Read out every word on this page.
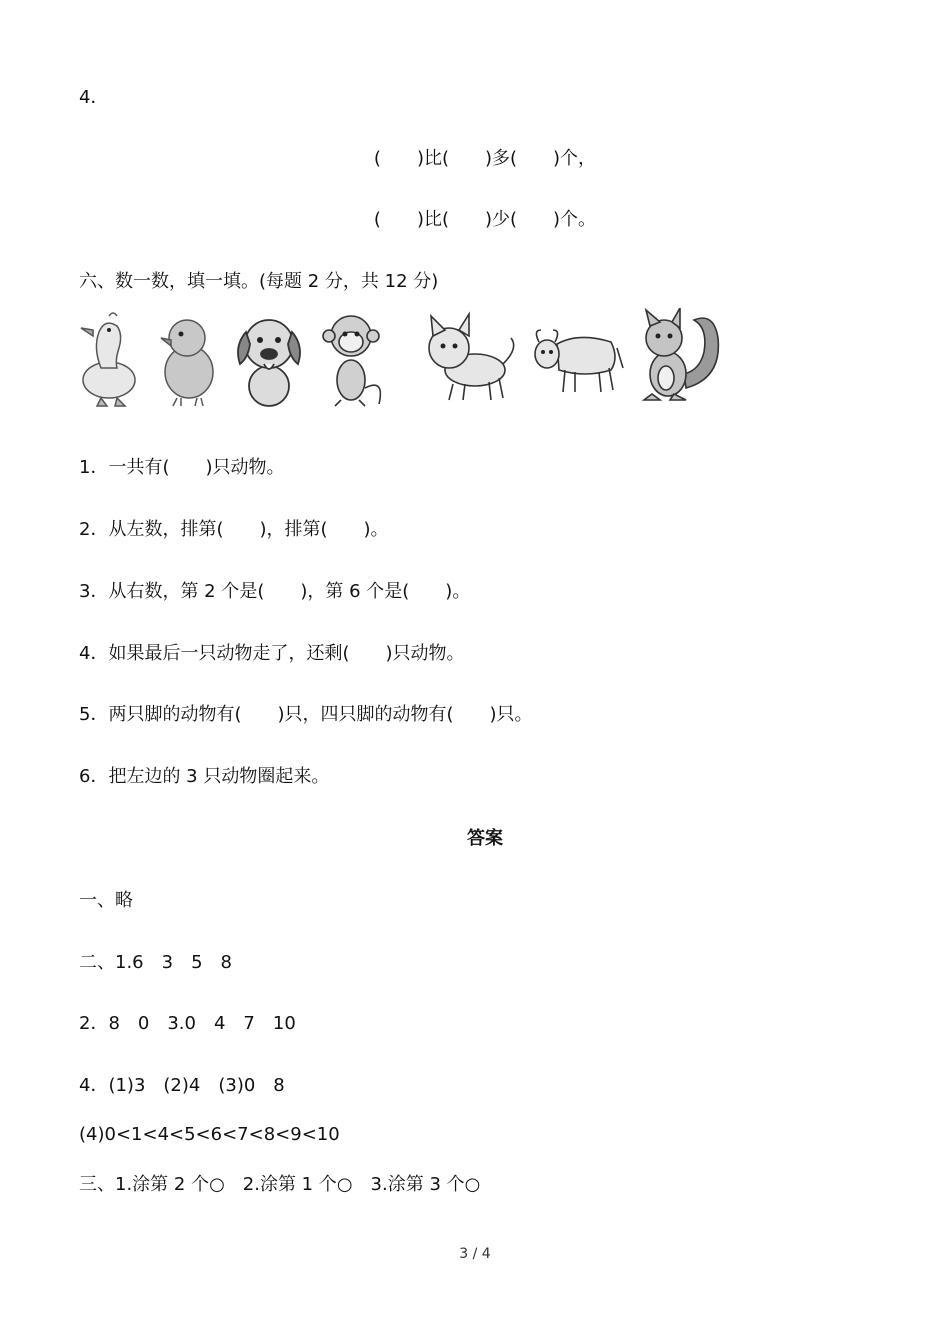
4．
(　　)比(　　)多(　　)个，
(　　)比(　　)少(　　)个。
六、数一数，填一填。(每题 2 分，共 12 分)
1．一共有(　　)只动物。
2．从左数，排第(　　)，排第(　　)。
3．从右数，第 2 个是(　　)，第 6 个是(　　)。
4．如果最后一只动物走了，还剩(　　)只动物。
5．两只脚的动物有(　　)只，四只脚的动物有(　　)只。
6．把左边的 3 只动物圈起来。
答案
一、略
二、1.6　3　5　8
2．8　0　3.0　4　7　10
4．(1)3　(2)4　(3)0　8
(4)0<1<4<5<6<7<8<9<10
三、1.涂第 2 个○　2.涂第 1 个○　3.涂第 3 个○
3 / 4
